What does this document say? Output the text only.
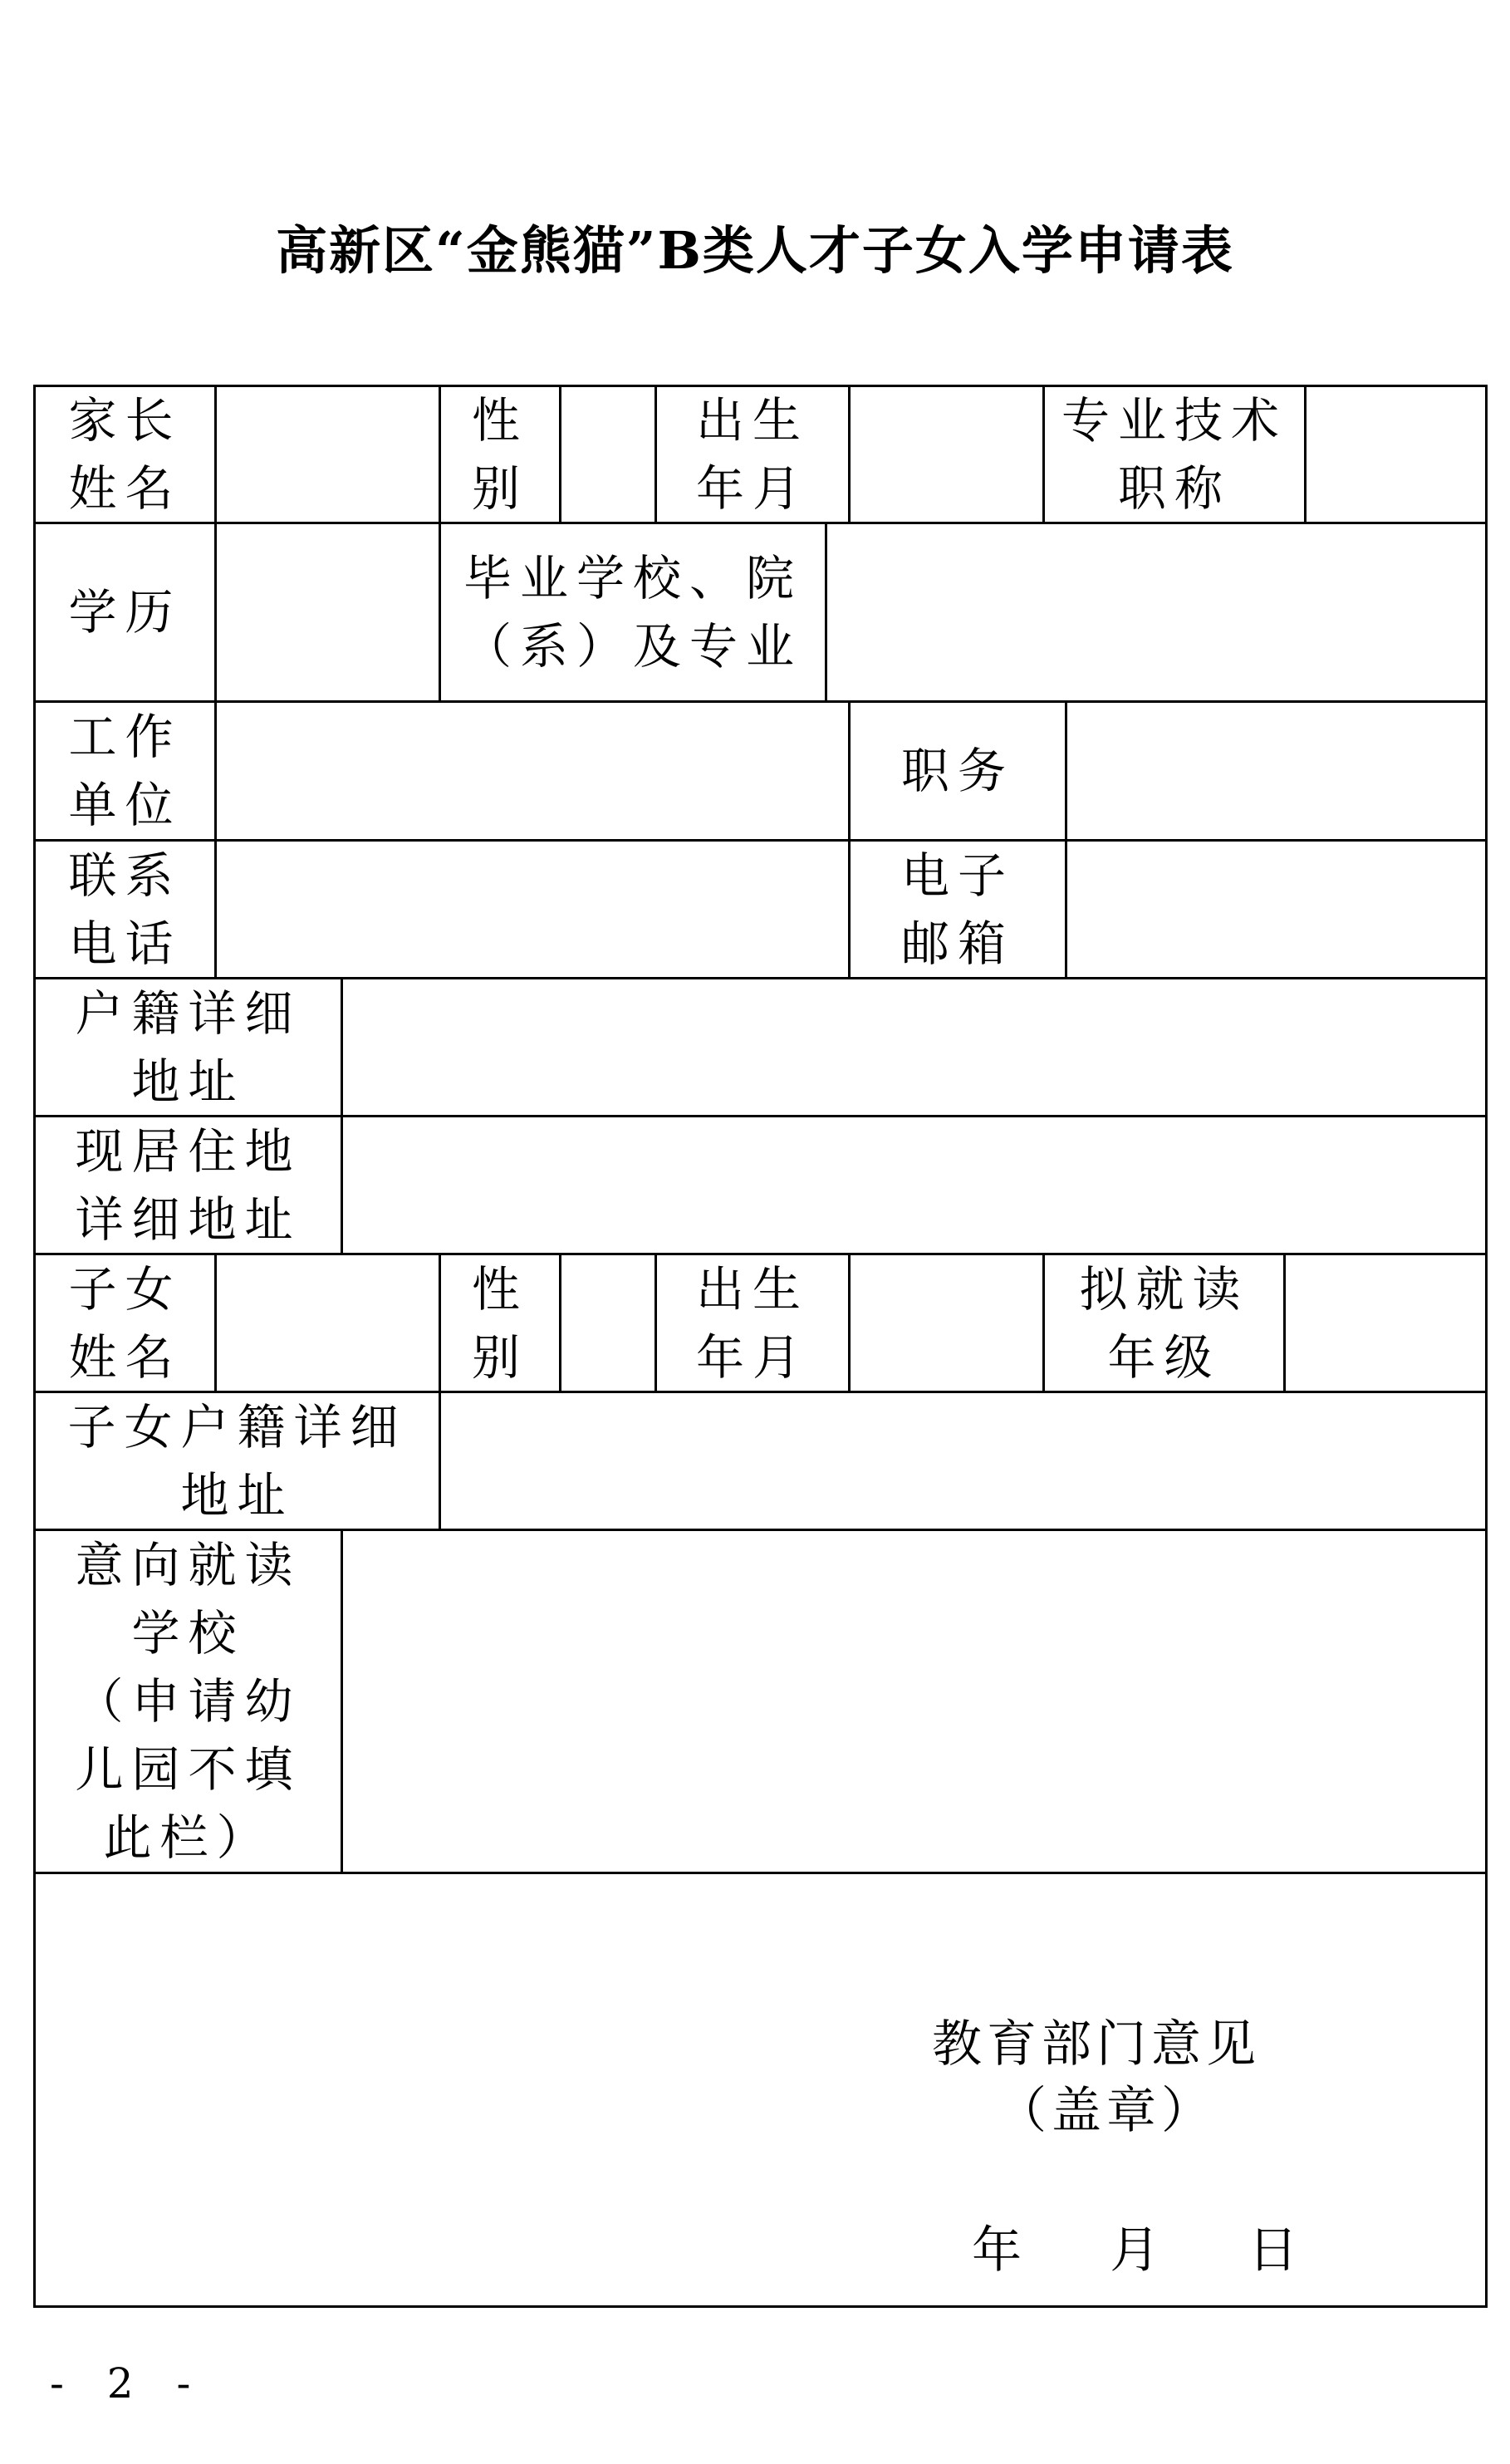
高新区“金熊猫”B类人才子女入学申请表
家长
姓名
性
别
出生
年月
专业技术
职称
学历
毕业学校、院
（系）及专业
工作
单位
职务
联系
电话
电子
邮箱
户籍详细
地址
现居住地
详细地址
子女
姓名
性
别
出生
年月
拟就读
年级
子女户籍详细
地址
意向就读
学校
（申请幼
儿园不填
此栏）
教育部门意见
（盖章）
年    月    日
- 2 -
